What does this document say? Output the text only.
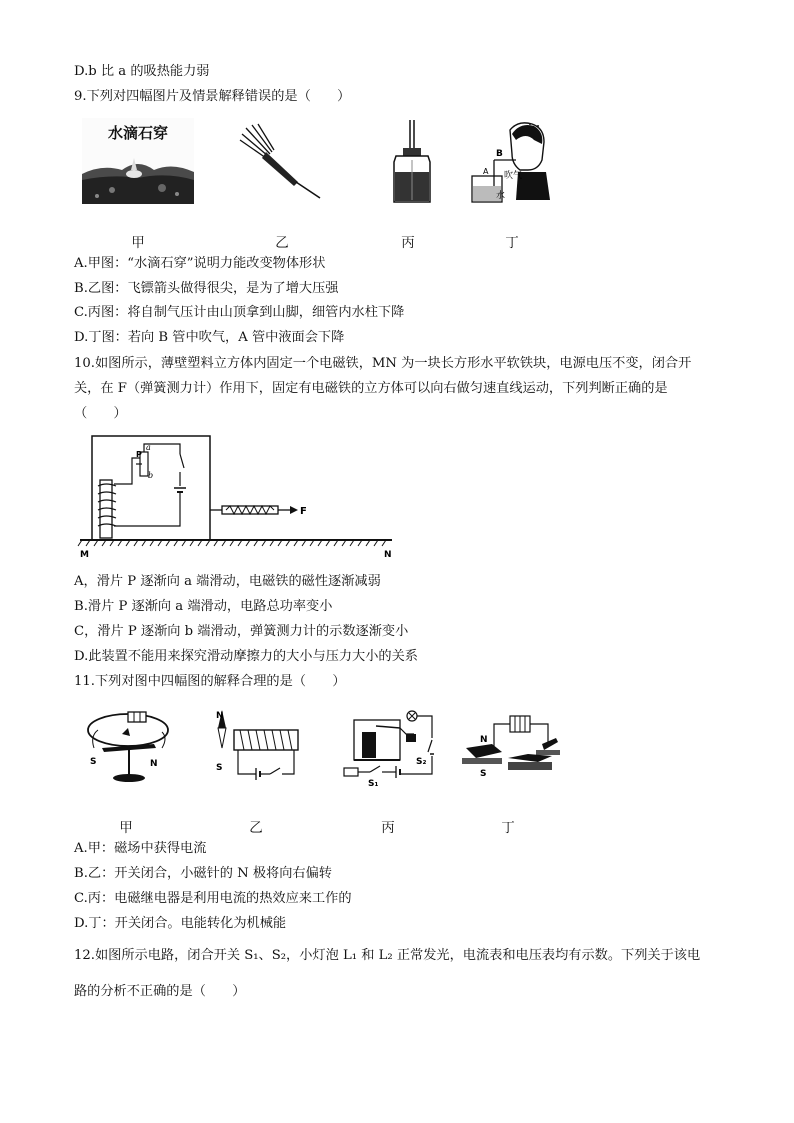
D.b 比 a 的吸热能力弱
9.下列对四幅图片及情景解释错误的是（　　）
水滴石穿
B
A 吹气
水
甲	乙	丙	丁
A.甲图：“水滴石穿”说明力能改变物体形状
B.乙图：飞镖箭头做得很尖，是为了增大压强
C.丙图：将自制气压计由山顶拿到山脚，细管内水柱下降
D.丁图：若向 B 管中吹气，A 管中液面会下降
10.如图所示，薄壁塑料立方体内固定一个电磁铁，MN 为一块长方形水平软铁块，电源电压不变，闭合开
关，在 F（弹簧测力计）作用下，固定有电磁铁的立方体可以向右做匀速直线运动，下列判断正确的是
（　　）
P
a
b
F
M	N
A，滑片 P 逐渐向 a 端滑动，电磁铁的磁性逐渐减弱
B.滑片 P 逐渐向 a 端滑动，电路总功率变小
C，滑片 P 逐渐向 b 端滑动，弹簧测力计的示数逐渐变小
D.此装置不能用来探究滑动摩擦力的大小与压力大小的关系
11.下列对图中四幅图的解释合理的是（　　）
S	N
N
S
S₁
S₂
N
S
甲	乙	丙	丁
A.甲：磁场中获得电流
B.乙：开关闭合，小磁针的 N 极将向右偏转
C.丙：电磁继电器是利用电流的热效应来工作的
D.丁：开关闭合。电能转化为机械能
12.如图所示电路，闭合开关 S₁、S₂，小灯泡 L₁ 和 L₂ 正常发光，电流表和电压表均有示数。下列关于该电
路的分析不正确的是（　　）
